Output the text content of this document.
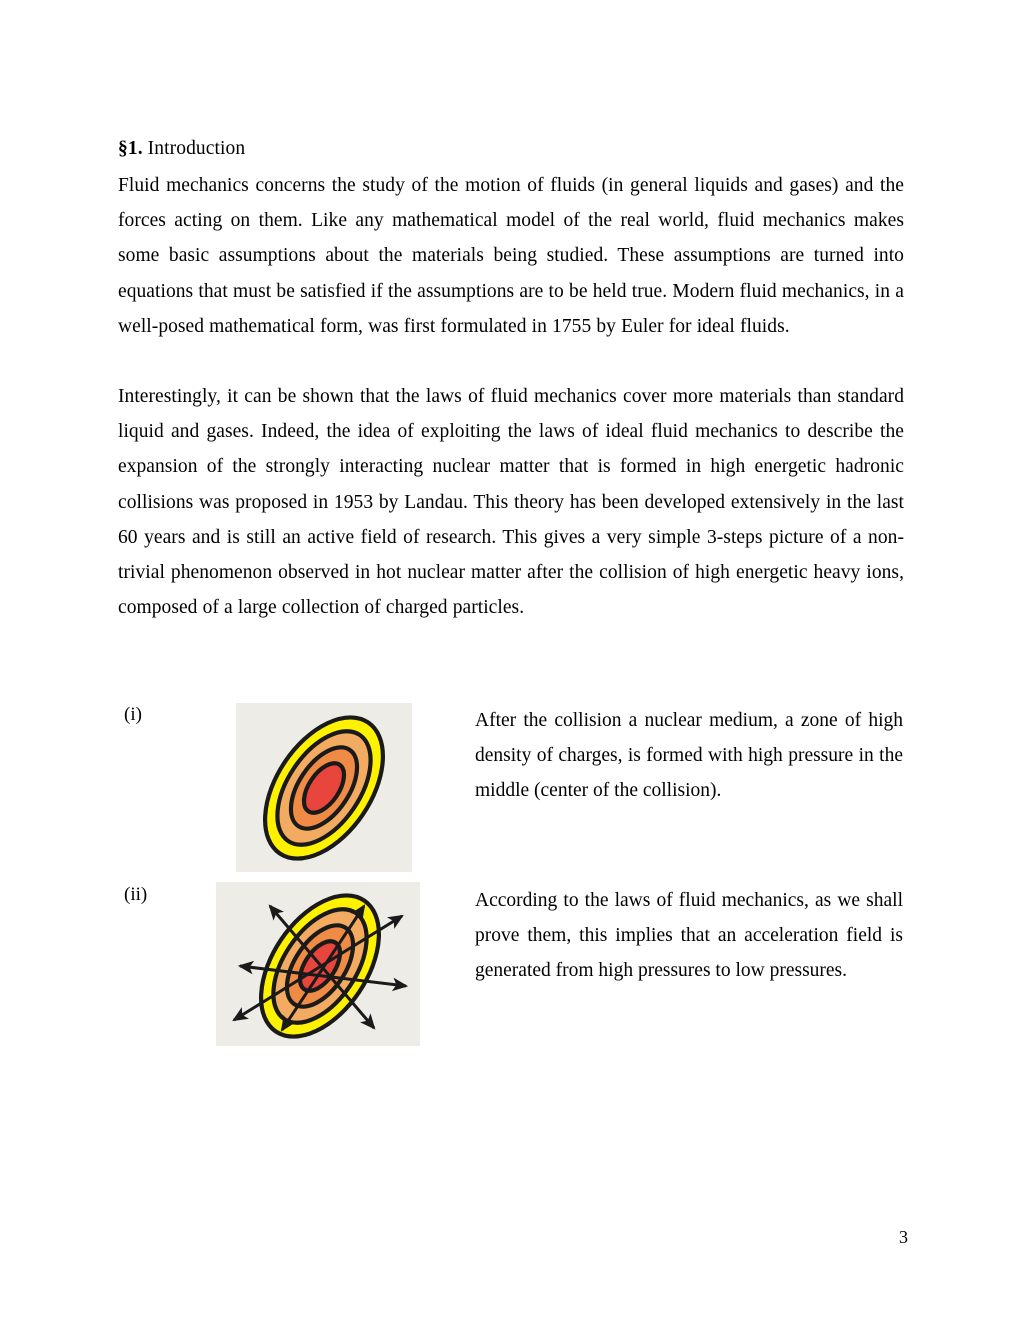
§1. Introduction

Fluid mechanics concerns the study of the motion of fluids (in general liquids and gases) and the forces acting on them. Like any mathematical model of the real world, fluid mechanics makes some basic assumptions about the materials being studied. These assumptions are turned into equations that must be satisfied if the assumptions are to be held true. Modern fluid mechanics, in a well-posed mathematical form, was first formulated in 1755 by Euler for ideal fluids.

Interestingly, it can be shown that the laws of fluid mechanics cover more materials than standard liquid and gases. Indeed, the idea of exploiting the laws of ideal fluid mechanics to describe the expansion of the strongly interacting nuclear matter that is formed in high energetic hadronic collisions was proposed in 1953 by Landau. This theory has been developed extensively in the last 60 years and is still an active field of research. This gives a very simple 3-steps picture of a non-trivial phenomenon observed in hot nuclear matter after the collision of high energetic heavy ions, composed of a large collection of charged particles.

(i)	After the collision a nuclear medium, a zone of high density of charges, is formed with high pressure in the middle (center of the collision).
(ii)	According to the laws of fluid mechanics, as we shall prove them, this implies that an acceleration field is generated from high pressures to low pressures.
3
